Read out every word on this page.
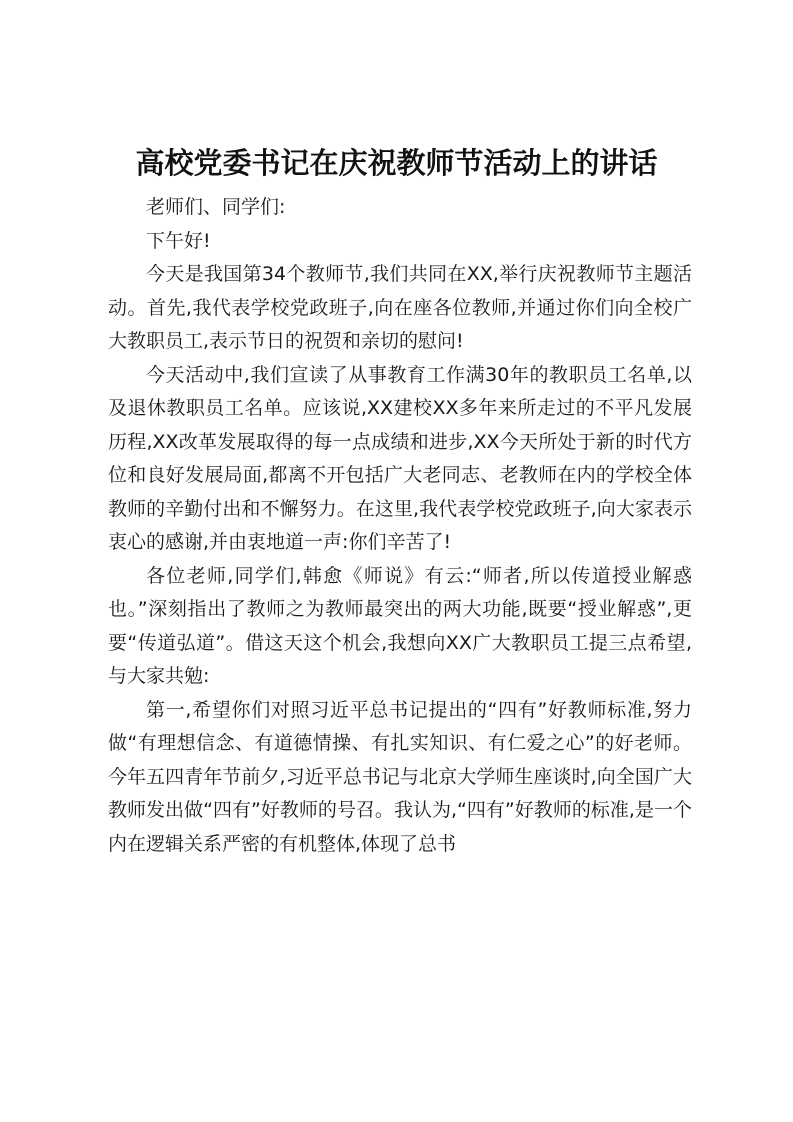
高校党委书记在庆祝教师节活动上的讲话

老师们、同学们:

下午好!

今天是我国第34个教师节,我们共同在XX,举行庆祝教师节主题活动。首先,我代表学校党政班子,向在座各位教师,并通过你们向全校广大教职员工,表示节日的祝贺和亲切的慰问!

今天活动中,我们宣读了从事教育工作满30年的教职员工名单,以及退休教职员工名单。应该说,XX建校XX多年来所走过的不平凡发展历程,XX改革发展取得的每一点成绩和进步,XX今天所处于新的时代方位和良好发展局面,都离不开包括广大老同志、老教师在内的学校全体教师的辛勤付出和不懈努力。在这里,我代表学校党政班子,向大家表示衷心的感谢,并由衷地道一声:你们辛苦了!

各位老师,同学们,韩愈《师说》有云:“师者,所以传道授业解惑也。”深刻指出了教师之为教师最突出的两大功能,既要“授业解惑”,更要“传道弘道”。借这天这个机会,我想向XX广大教职员工提三点希望,与大家共勉:

第一,希望你们对照习近平总书记提出的“四有”好教师标准,努力做“有理想信念、有道德情操、有扎实知识、有仁爱之心”的好老师。今年五四青年节前夕,习近平总书记与北京大学师生座谈时,向全国广大教师发出做“四有”好教师的号召。我认为,“四有”好教师的标准,是一个内在逻辑关系严密的有机整体,体现了总书
